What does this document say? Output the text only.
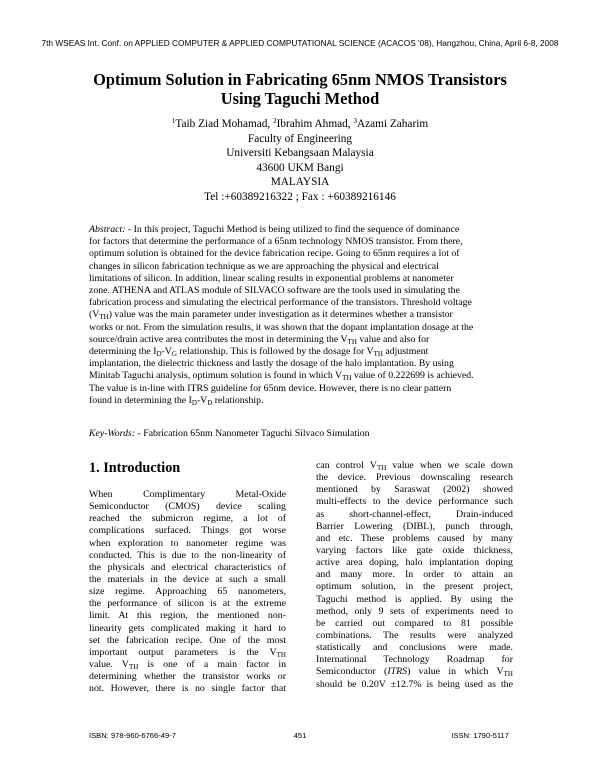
7th WSEAS Int. Conf. on APPLIED COMPUTER & APPLIED COMPUTATIONAL SCIENCE (ACACOS '08), Hangzhou, China, April 6-8, 2008
Optimum Solution in Fabricating 65nm NMOS Transistors
Using Taguchi Method
$^1$Taib Ziad Mohamad, $^2$Ibrahim Ahmad, $^3$Azami Zaharim
Faculty of Engineering
Universiti Kebangsaan Malaysia
43600 UKM Bangi
MALAYSIA
Tel :+60389216322 ; Fax : +60389216146
Abstract: - In this project, Taguchi Method is being utilized to find the sequence of dominance
for factors that determine the performance of a 65nm technology NMOS transistor. From there,
optimum solution is obtained for the device fabrication recipe. Going to 65nm requires a lot of
changes in silicon fabrication technique as we are approaching the physical and electrical
limitations of silicon. In addition, linear scaling results in exponential problems at nanometer
zone. ATHENA and ATLAS module of SILVACO software are the tools used in simulating the
fabrication process and simulating the electrical performance of the transistors. Threshold voltage
$(V_{TH})$ value was the main parameter under investigation as it determines whether a transistor
works or not. From the simulation results, it was shown that the dopant implantation dosage at the
source/drain active area contributes the most in determining the $V_{TH}$ value and also for
determining the $I_D-V_G$ relationship. This is followed by the dosage for $V_{TH}$ adjustment
implantation, the dielectric thickness and lastly the dosage of the halo implantation. By using
Minitab Taguchi analysis, optimum solution is found in which $V_{TH}$ value of 0.222699 is achieved.
The value is in-line with ITRS guideline for 65nm device. However, there is no clear pattern
found in determining the $I_D-V_D$ relationship.
Key-Words: - Fabrication 65nm Nanometer Taguchi Silvaco Simulation
1. Introduction
When Complimentary Metal-Oxide
Semiconductor (CMOS) device scaling
reached the submicron regime, a lot of
complications surfaced. Things got worse
when exploration to nanometer regime was
conducted. This is due to the non-linearity of
the physicals and electrical characteristics of
the materials in the device at such a small
size regime. Approaching 65 nanometers,
the performance of silicon is at the extreme
limit. At this region, the mentioned non-
linearity gets complicated making it hard to
set the fabrication recipe. One of the most
important output parameters is the $V_{TH}$
value. $V_{TH}$ is one of a main factor in
determining whether the transistor works or
not. However, there is no single factor that
can control $V_{TH}$ value when we scale down
the device. Previous downscaling research
mentioned by Saraswat (2002) showed
multi-effects to the device performance such
as short-channel-effect, Drain-induced
Barrier Lowering (DIBL), punch through,
and etc. These problems caused by many
varying factors like gate oxide thickness,
active area doping, halo implantation doping
and many more. In order to attain an
optimum solution, in the present project,
Taguchi method is applied. By using the
method, only 9 sets of experiments need to
be carried out compared to 81 possible
combinations. The results were analyzed
statistically and conclusions were made.
International Technology Roadmap for
Semiconductor (ITRS) value in which $V_{TH}$
should be 0.20V ±12.7% is being used as the
ISBN: 978-960-6766-49-7	451	ISSN: 1790-5117
